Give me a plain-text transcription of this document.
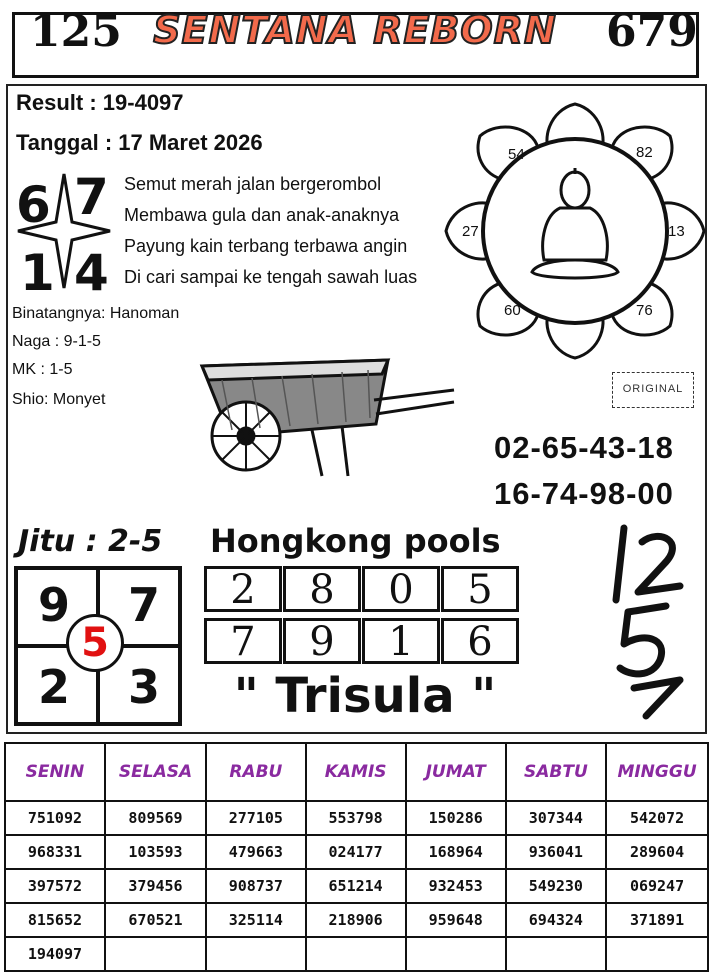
125 SENTANA REBORN	679
Result : 19-4097
Tanggal : 17 Maret 2026
6 7
1 4
Semut merah jalan bergerombol
Membawa gula dan anak-anaknya
Payung kain terbang terbawa angin
Di cari sampai ke tengah sawah luas
Binatangnya: Hanoman
Naga : 9-1-5
MK : 1-5
Shio: Monyet
54	82
27	13
60	76
ORIGINAL
02-65-43-18
16-74-98-00
Jitu : 2-5 Hongkong pools
9	7
2	3
5
2	8	0	5
7	9	1	6
" Trisula "
SENIN	SELASA	RABU	KAMIS	JUMAT	SABTU	MINGGU
751092	809569	277105	553798	150286	307344	542072
968331	103593	479663	024177	168964	936041	289604
397572	379456	908737	651214	932453	549230	069247
815652	670521	325114	218906	959648	694324	371891
194097						
